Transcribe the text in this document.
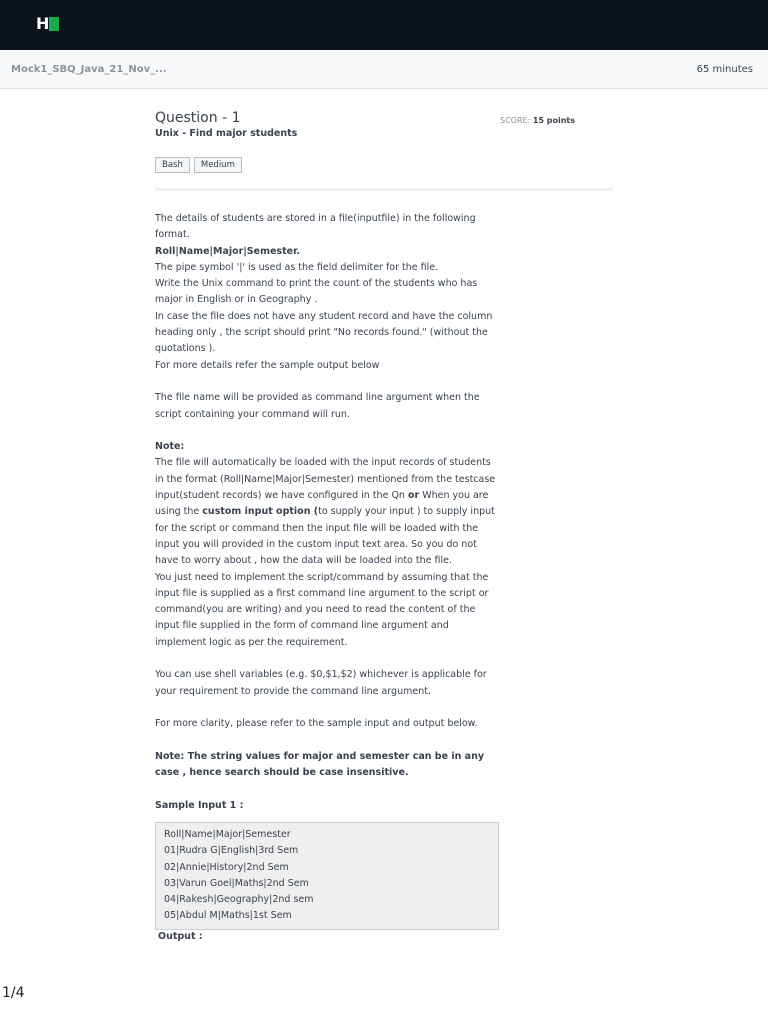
H
Mock1_SBQ_Java_21_Nov_...	65 minutes
Question - 1
Unix - Find major students
SCORE: 15 points
Bash	Medium

The details of students are stored in a file(inputfile) in the following format.

Roll|Name|Major|Semester.

The pipe symbol '|' is used as the field delimiter for the file.

Write the Unix command to print the count of the students who has major in English or in Geography .

In case the file does not have any student record and have the column heading only , the script should print "No records found." (without the quotations ).

For more details refer the sample output below

The file name will be provided as command line argument when the script containing your command will run.

Note:

The file will automatically be loaded with the input records of students in the format (Roll|Name|Major|Semester) mentioned from the testcase input(student records) we have configured in the Qn or When you are using the custom input option (to supply your input ) to supply input for the script or command then the input file will be loaded with the input you will provided in the custom input text area. So you do not have to worry about , how the data will be loaded into the file.

You just need to implement the script/command by assuming that the input file is supplied as a first command line argument to the script or command(you are writing) and you need to read the content of the input file supplied in the form of command line argument and implement logic as per the requirement.

You can use shell variables (e.g. $0,$1,$2) whichever is applicable for your requirement to provide the command line argument.

For more clarity, please refer to the sample input and output below.

Note: The string values for major and semester can be in any case , hence search should be case insensitive.

Sample Input 1 :

Roll|Name|Major|Semester
01|Rudra G|English|3rd Sem
02|Annie|History|2nd Sem
03|Varun Goel|Maths|2nd Sem
04|Rakesh|Geography|2nd sem
05|Abdul M|Maths|1st Sem
Output :
1/4
